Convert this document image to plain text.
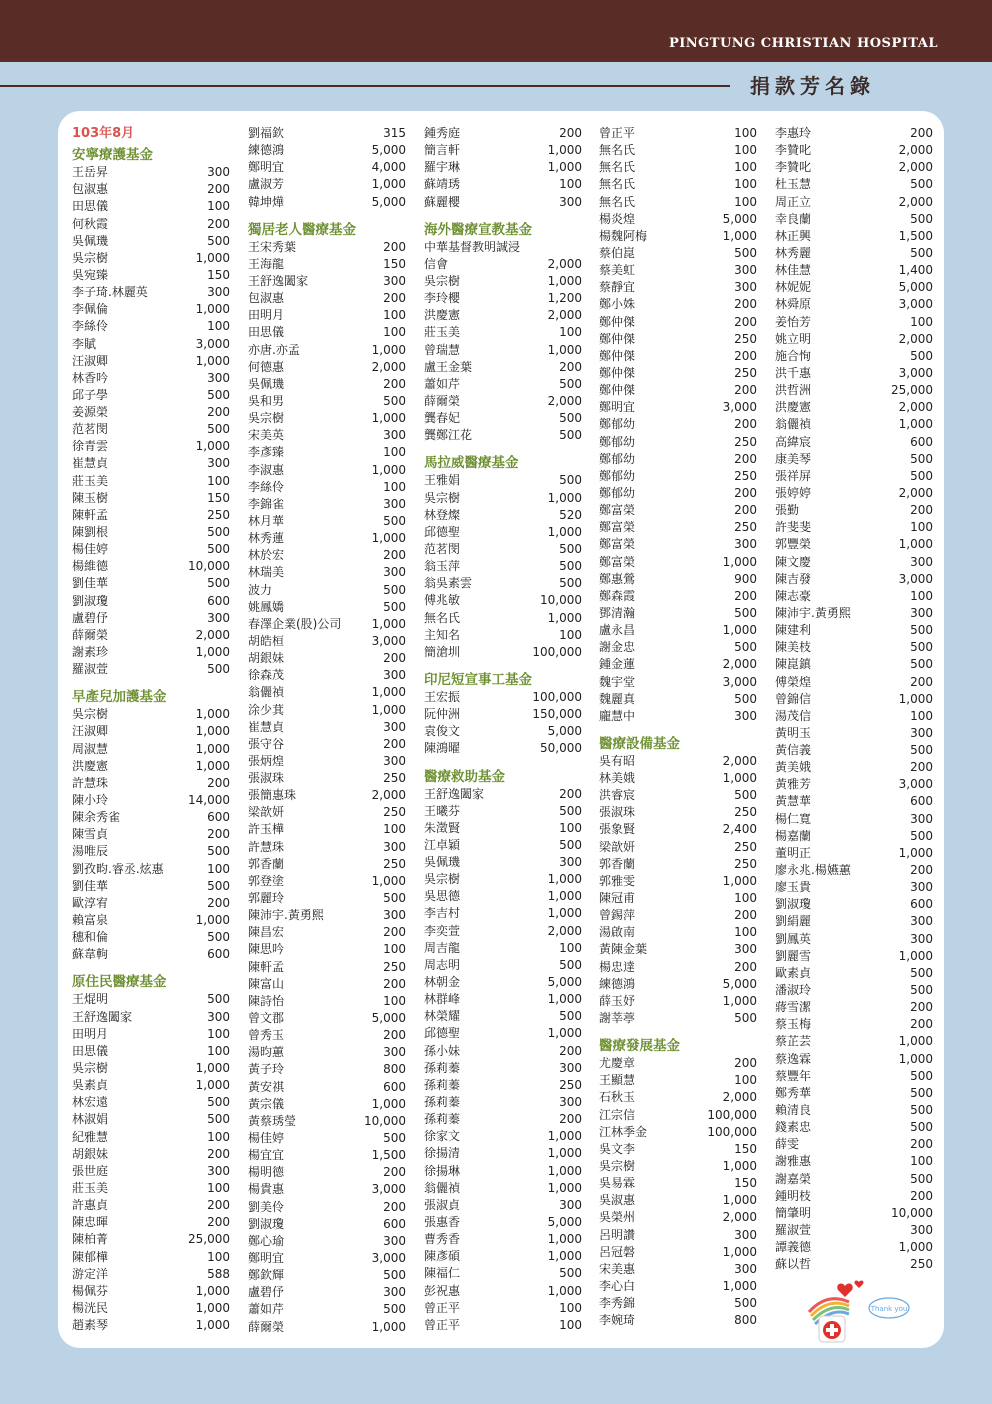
PINGTUNG CHRISTIAN HOSPITAL
捐款芳名錄
103年8月
安寧療護基金
王岳昇	300
包淑惠	200
田思儀	100
何秋霞	200
吳佩璣	500
吳宗樹	1,000
吳宛臻	150
李子琦.林麗英	300
李佩倫	1,000
李絲伶	100
李賦	3,000
汪淑卿	1,000
林香吟	300
邱子學	500
姜源榮	200
范茗閔	500
徐青雲	1,000
崔慧貞	300
莊玉美	100
陳玉樹	150
陳軒孟	250
陳劉根	500
楊佳婷	500
楊維德	10,000
劉佳華	500
劉淑瓊	600
盧碧伃	300
薛爾榮	2,000
謝素珍	1,000
羅淑萱	500
早產兒加護基金
吳宗樹	1,000
汪淑卿	1,000
周淑慧	1,000
洪慶憲	1,000
許慧珠	200
陳小玲	14,000
陳余秀雀	600
陳雪貞	200
湯唯辰	500
劉孜畇.睿丞.炫惠	100
劉佳華	500
歐淳宥	200
賴富泉	1,000
穗和倫	500
蘇韋軥	600
原住民醫療基金
王焜明	500
王舒逸闔家	300
田明月	100
田思儀	100
吳宗樹	1,000
吳素貞	1,000
林宏遠	500
林淑娟	500
紀雅慧	100
胡銀妹	200
張世庭	300
莊玉美	100
許惠貞	200
陳忠暉	200
陳柏菁	25,000
陳郁樺	100
游定洋	588
楊佩芬	1,000
楊洸民	1,000
趙素琴	1,000
劉福欽	315
練德鴻	5,000
鄭明宜	4,000
盧淑芳	1,000
韓坤燁	5,000
獨居老人醫療基金
王宋秀葉	200
王海龍	150
王舒逸闔家	300
包淑惠	200
田明月	100
田思儀	100
亦唐.亦孟	1,000
何德惠	2,000
吳佩璣	200
吳和男	500
吳宗樹	1,000
宋美英	300
李彥臻	100
李淑惠	1,000
李絲伶	100
李錦雀	300
林月華	500
林秀蓮	1,000
林於宏	200
林瑞美	300
波力	500
姚鳳嬌	500
春澤企業(股)公司	1,000
胡皓桓	3,000
胡銀妹	200
徐森茂	300
翁儷禎	1,000
涂少萁	1,000
崔慧貞	300
張守谷	200
張炳煌	300
張淑珠	250
張簡惠珠	2,000
梁歆妍	250
許玉樺	100
許慧珠	300
郭香蘭	250
郭登塗	1,000
郭麗玲	500
陳沛宇.黃勇熙	300
陳昌宏	200
陳思吟	100
陳軒孟	250
陳富山	200
陳詩怡	100
曾文郡	5,000
曾秀玉	200
湯昀蕙	300
黃子玲	800
黃安祺	600
黃宗儀	1,000
黃蔡琇瑩	10,000
楊佳婷	500
楊宜宜	1,500
楊明德	200
楊貴惠	3,000
劉美伶	200
劉淑瓊	600
鄭心瑜	300
鄭明宜	3,000
鄭欽輝	500
盧碧伃	300
蕭如芹	500
薛爾榮	1,000
鍾秀庭	200
簡言軒	1,000
羅宇琳	1,000
蘇靖琇	100
蘇麗櫻	300
海外醫療宣教基金
中華基督教明誠浸
信會	2,000
吳宗樹	1,000
李玲櫻	1,200
洪慶憲	2,000
莊玉美	100
曾瑞慧	1,000
盧王金葉	200
蕭如芹	500
薛爾榮	2,000
龔春妃	500
龔鄭江花	500
馬拉威醫療基金
王雅娟	500
吳宗樹	1,000
林登燦	520
邱德聖	1,000
范茗閔	500
翁玉萍	500
翁吳素雲	500
傅兆敏	10,000
無名氏	1,000
主知名	100
簡滄圳	100,000
印尼短宣事工基金
王宏振	100,000
阮仲洲	150,000
袁俊文	5,000
陳鴻曜	50,000
醫療救助基金
王舒逸闔家	200
王曦芬	500
朱澂賢	100
江卓穎	500
吳佩璣	300
吳宗樹	1,000
吳思德	1,000
李吉村	1,000
李奕萱	2,000
周吉龍	100
周志明	500
林朝金	5,000
林群峰	1,000
林榮耀	500
邱德聖	1,000
孫小妹	200
孫莉蓁	300
孫莉蓁	250
孫莉蓁	300
孫莉蓁	200
徐家文	1,000
徐揚清	1,000
徐揚琳	1,000
翁儷禎	1,000
張淑貞	300
張惠香	5,000
曹秀香	1,000
陳彥碩	1,000
陳福仁	500
彭祝惠	1,000
曾正平	100
曾正平	100
曾正平	100
無名氏	100
無名氏	100
無名氏	100
無名氏	100
楊炎煌	5,000
楊魏阿梅	1,000
蔡伯崑	500
蔡美虹	300
蔡靜宜	300
鄭小姝	200
鄭仲傑	200
鄭仲傑	250
鄭仲傑	200
鄭仲傑	250
鄭仲傑	200
鄭明宜	3,000
鄭郁幼	200
鄭郁幼	250
鄭郁幼	200
鄭郁幼	250
鄭郁幼	200
鄭富榮	200
鄭富榮	250
鄭富榮	300
鄭富榮	1,000
鄭惠鶯	900
鄭森霞	200
鄧清瀚	500
盧永昌	1,000
謝金忠	500
鍾金蓮	2,000
魏宇堂	3,000
魏麗真	500
龐慧中	300
醫療設備基金
吳有昭	2,000
林美娥	1,000
洪睿宸	500
張淑珠	250
張象賢	2,400
梁歆妍	250
郭香蘭	250
郭雅雯	1,000
陳冠甫	100
曾錫萍	200
湯啟南	100
黃陳金葉	300
楊忠達	200
練德鴻	5,000
薛玉妤	1,000
謝莘葶	500
醫療發展基金
尤慶章	200
王顯慧	100
石秋玉	2,000
江宗信	100,000
江林季金	100,000
吳文李	150
吳宗樹	1,000
吳易霖	150
吳淑惠	1,000
吳榮州	2,000
呂明讚	300
呂冠磐	1,000
宋美惠	300
李心白	1,000
李秀錦	500
李婉琦	800
李惠玲	200
李贊叱	2,000
李贊叱	2,000
杜玉慧	500
周正立	2,000
幸良蘭	500
林正興	1,500
林秀麗	500
林佳慧	1,400
林妮妮	5,000
林舜原	3,000
姜怡芳	100
姚立明	2,000
施合恂	500
洪千惠	3,000
洪哲洲	25,000
洪慶憲	2,000
翁儷禎	1,000
高緯宸	600
康美琴	500
張祥屏	500
張婷婷	2,000
張勤	200
許斐斐	100
郭豐榮	1,000
陳文慶	300
陳吉發	3,000
陳志豪	100
陳沛宇.黃勇熙	300
陳建利	500
陳美枝	500
陳崑鎮	500
傅榮煌	200
曾錦信	1,000
湯茂信	100
黃明玉	300
黃信義	500
黃美娥	200
黃雅芳	3,000
黃慧華	600
楊仁寬	300
楊嘉蘭	500
董明正	1,000
廖永兆.楊嬿蕙	200
廖玉貴	300
劉淑瓊	600
劉絹麗	300
劉鳳英	300
劉麗雪	1,000
歐素貞	500
潘淑玲	500
蔣雪潔	200
蔡玉梅	200
蔡芷芸	1,000
蔡逸霖	1,000
蔡豐年	500
鄭秀華	500
賴清良	500
錢素忠	500
薛雯	200
謝雅惠	100
謝嘉榮	500
鍾明枝	200
簡肇明	10,000
羅淑萱	300
譚義德	1,000
蘇以哲	250
Thank you
